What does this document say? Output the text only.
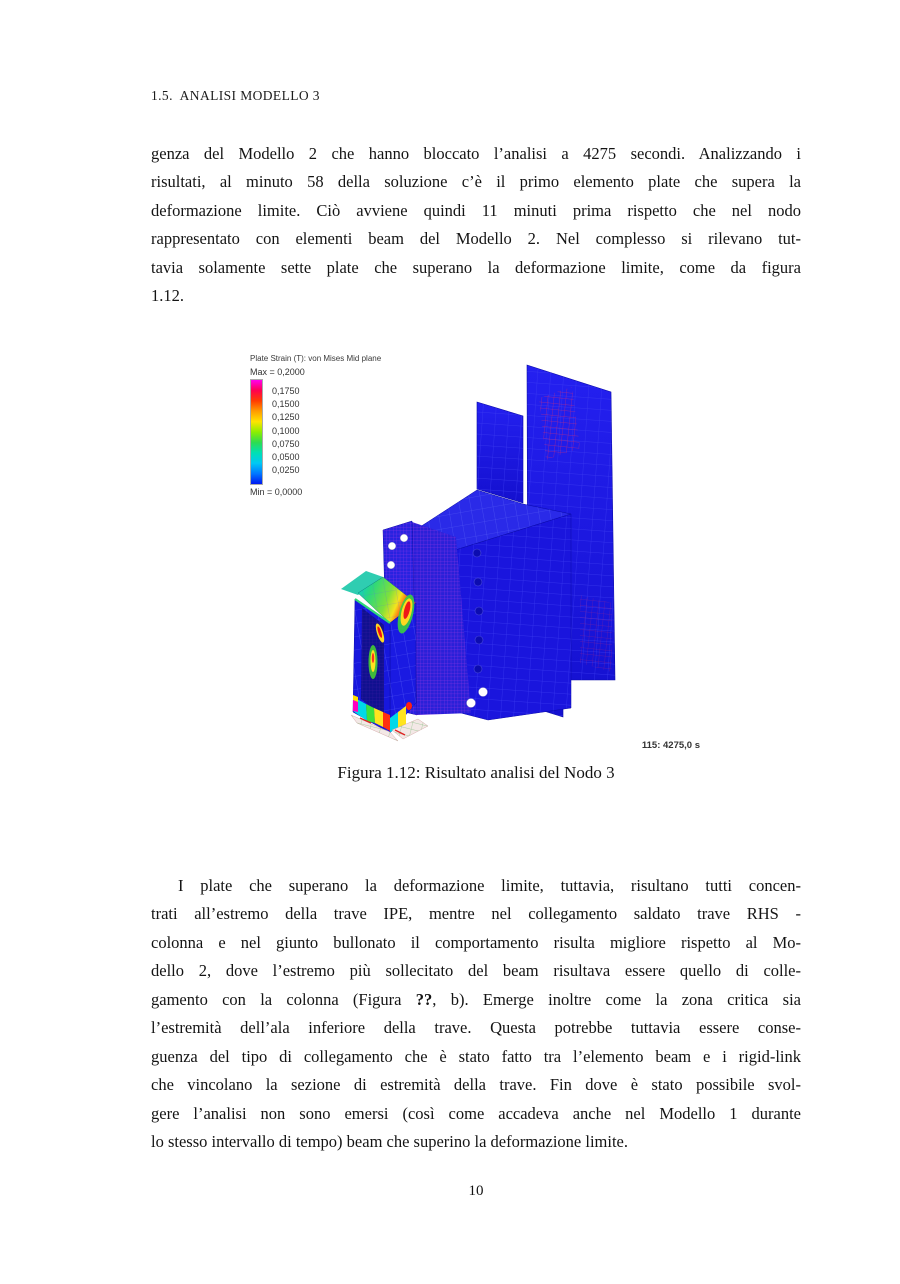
1.5.  ANALISI MODELLO 3
genza del Modello 2 che hanno bloccato l’analisi a 4275 secondi. Analizzando i
risultati, al minuto 58 della soluzione c’è il primo elemento plate che supera la
deformazione limite. Ciò avviene quindi 11 minuti prima rispetto che nel nodo
rappresentato con elementi beam del Modello 2. Nel complesso si rilevano tut-
tavia solamente sette plate che superano la deformazione limite, come da figura
1.12.
Plate Strain (T): von Mises Mid plane
Max = 0,2000
0,1750
0,1500
0,1250
0,1000
0,0750
0,0500
0,0250
Min = 0,0000
115: 4275,0 s
Figura 1.12: Risultato analisi del Nodo 3
I plate che superano la deformazione limite, tuttavia, risultano tutti concen-
trati all’estremo della trave IPE, mentre nel collegamento saldato trave RHS -
colonna e nel giunto bullonato il comportamento risulta migliore rispetto al Mo-
dello 2, dove l’estremo più sollecitato del beam risultava essere quello di colle-
gamento con la colonna (Figura ??, b). Emerge inoltre come la zona critica sia
l’estremità dell’ala inferiore della trave. Questa potrebbe tuttavia essere conse-
guenza del tipo di collegamento che è stato fatto tra l’elemento beam e i rigid-link
che vincolano la sezione di estremità della trave. Fin dove è stato possibile svol-
gere l’analisi non sono emersi (così come accadeva anche nel Modello 1 durante
lo stesso intervallo di tempo) beam che superino la deformazione limite.
10
